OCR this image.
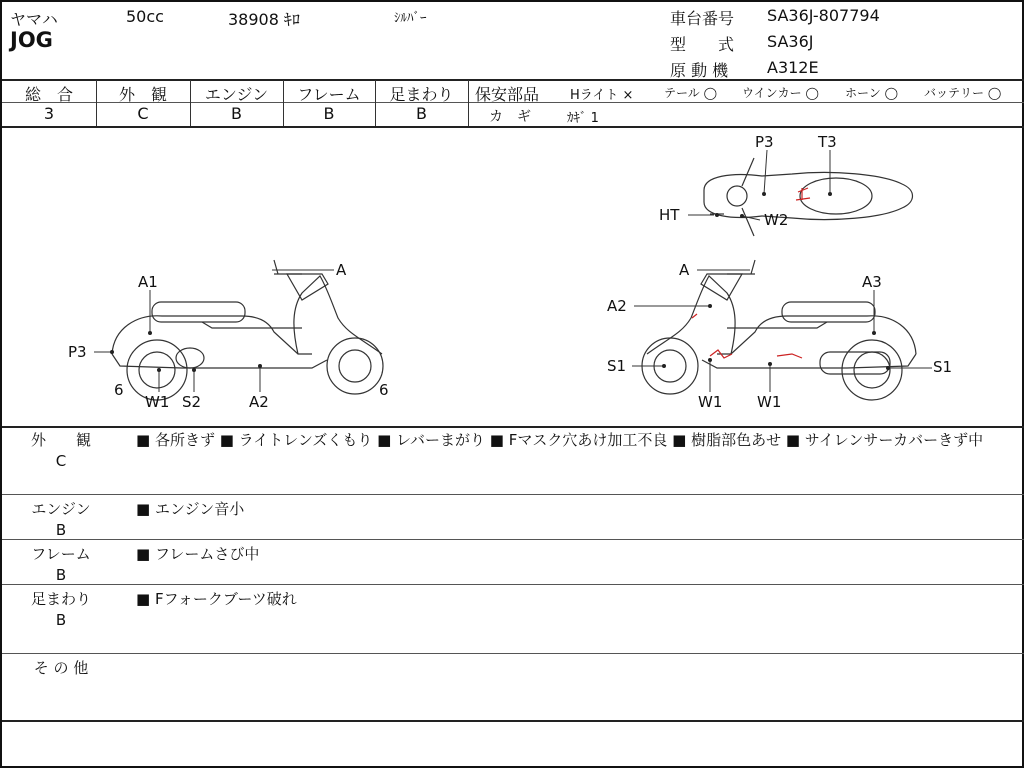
ヤマハ	50cc	38908 ｷﾛ	ｼﾙﾊﾞｰ
JOG
車台番号 SA36J-807794
型　　式 SA36J
原 動 機 A312E
総　合
3
外　観
C
エンジン
B
フレーム
B
足まわり
B
保安部品 Hライト ×	テール ◯ ウインカー ◯ ホーン ◯ バッテリー ◯
カ　ギ	ｶｷﾞ 1
P3	T3
HT	W2
A1
A
P3
6
W1 S2	A2
6
A
A3
A2
S1	S1
W1 W1
外　　観
C
■ 各所きず ■ ライトレンズくもり ■ レバーまがり ■ Fマスク穴あけ加工不良 ■ 樹脂部色あせ ■ サイレンサーカバーきず中
エンジン
B
■ エンジン音小
フレーム
B
■ フレームさび中
足まわり
B
■ Fフォークブーツ破れ
そ の 他
